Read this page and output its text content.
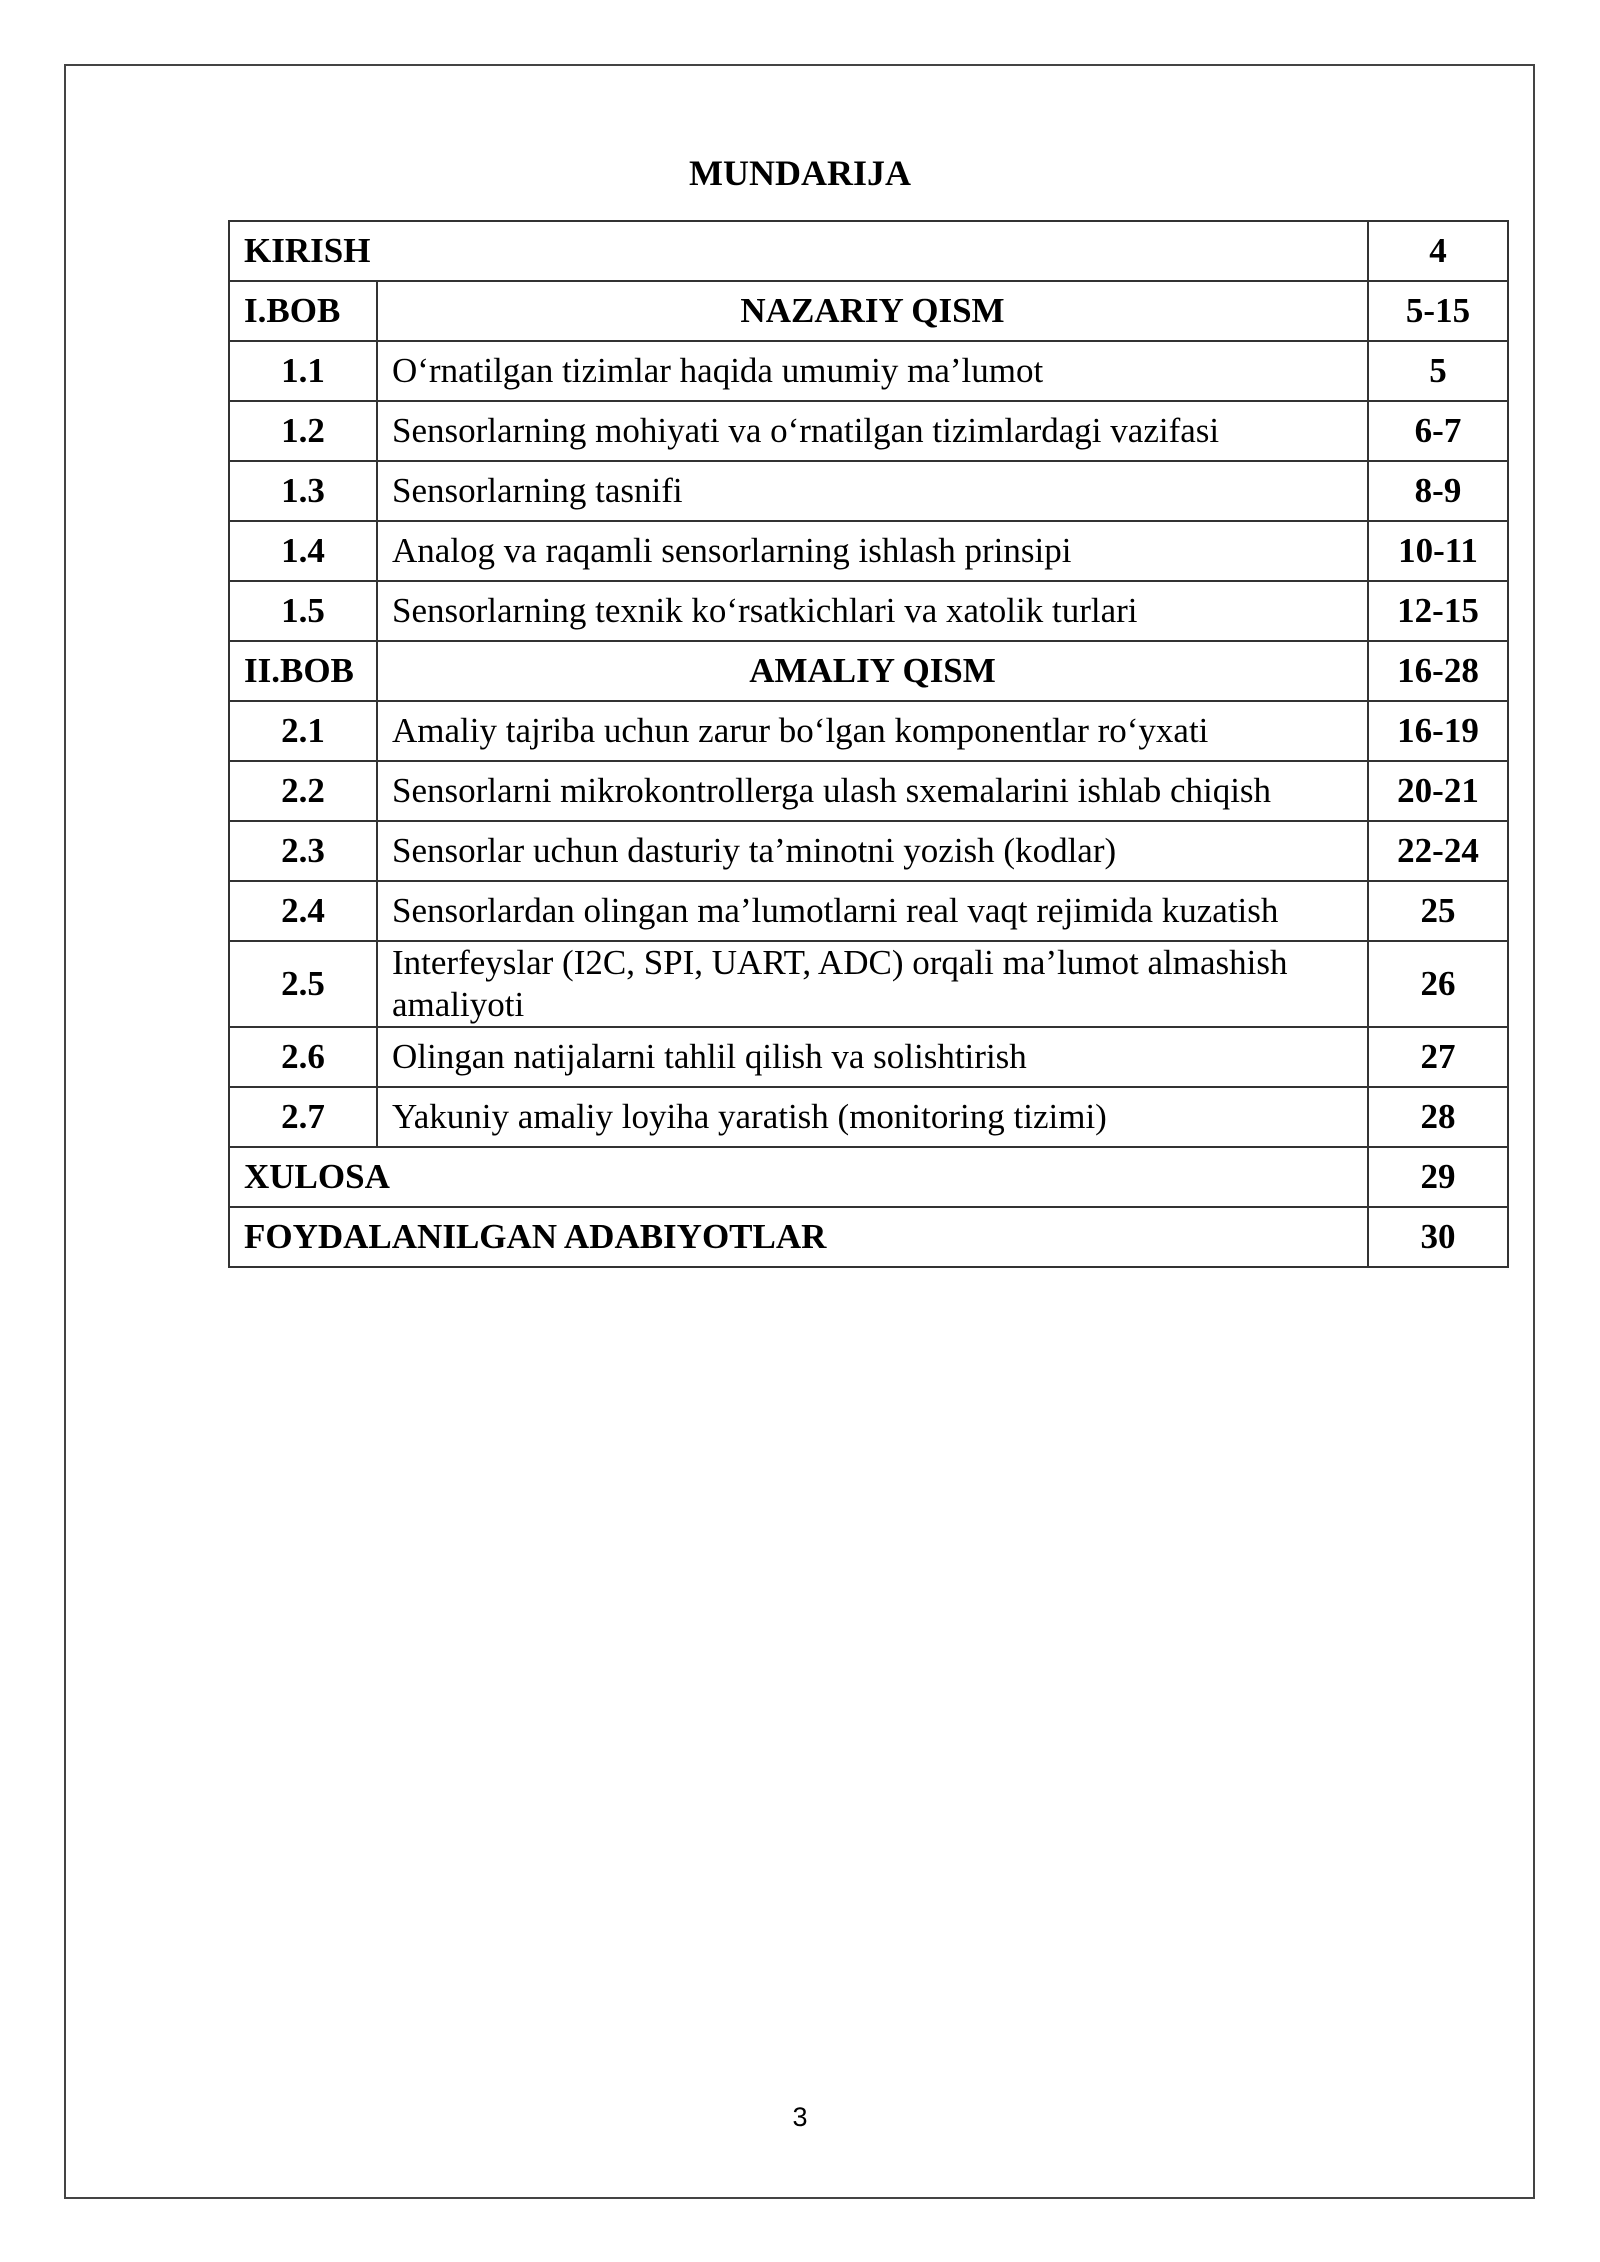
MUNDARIJA
KIRISH		4
I.BOB	NAZARIY QISM	5-15
1.1	O‘rnatilgan tizimlar haqida umumiy ma’lumot	5
1.2	Sensorlarning mohiyati va o‘rnatilgan tizimlardagi vazifasi	6-7
1.3	Sensorlarning tasnifi	8-9
1.4	Analog va raqamli sensorlarning ishlash prinsipi	10-11
1.5	Sensorlarning texnik ko‘rsatkichlari va xatolik turlari	12-15
II.BOB	AMALIY QISM	16-28
2.1	Amaliy tajriba uchun zarur bo‘lgan komponentlar ro‘yxati	16-19
2.2	Sensorlarni mikrokontrollerga ulash sxemalarini ishlab chiqish	20-21
2.3	Sensorlar uchun dasturiy ta’minotni yozish (kodlar)	22-24
2.4	Sensorlardan olingan ma’lumotlarni real vaqt rejimida kuzatish	25
2.5	Interfeyslar (I2C, SPI, UART, ADC) orqali ma’lumot almashish amaliyoti	26
2.6	Olingan natijalarni tahlil qilish va solishtirish	27
2.7	Yakuniy amaliy loyiha yaratish (monitoring tizimi)	28
XULOSA		29
FOYDALANILGAN ADABIYOTLAR		30
3
